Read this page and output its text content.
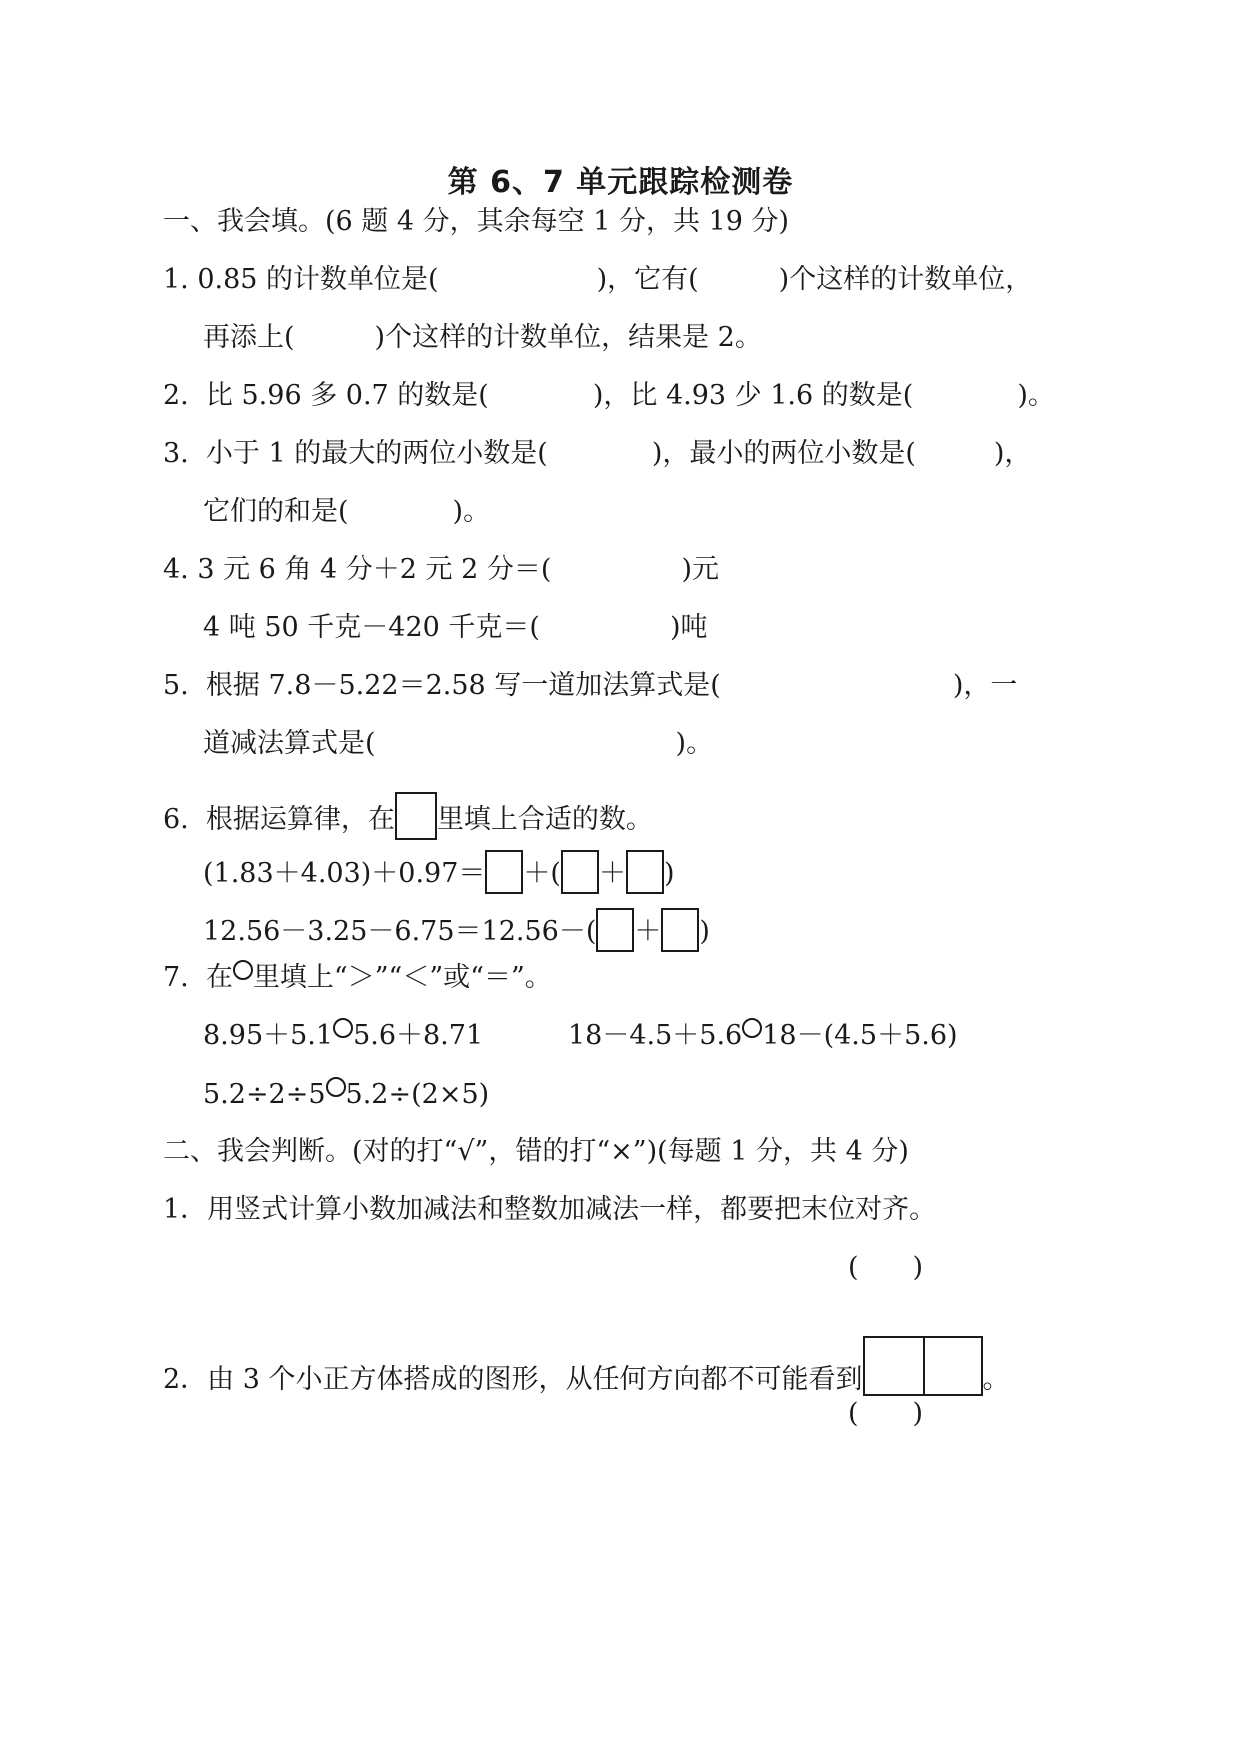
第 6、7 单元跟踪检测卷
一、我会填。(6 题 4 分，其余每空 1 分，共 19 分)
1. 0.85 的计数单位是(	)，它有(	)个这样的计数单位，
再添上(	)个这样的计数单位，结果是 2。
2.  比 5.96 多 0.7 的数是(	)，比 4.93 少 1.6 的数是(	)。
3.  小于 1 的最大的两位小数是(	)，最小的两位小数是(	)，
它们的和是(	)。
4. 3 元 6 角 4 分＋2 元 2 分＝(	)元
4 吨 50 千克－420 千克＝(	)吨
5.  根据 7.8－5.22＝2.58 写一道加法算式是(	)，一
道减法算式是(	)。
6.  根据运算律，在 里填上合适的数。
(1.83＋4.03)＋0.97＝ ＋( ＋ )
12.56－3.25－6.75＝12.56－( ＋ )
7.  在 里填上“＞”“＜”或“＝”。
8.95＋5.1 5.6＋8.71	18－4.5＋5.6 18－(4.5＋5.6)
5.2÷2÷5 5.2÷(2×5)
二、我会判断。(对的打“√”，错的打“×”)(每题 1 分，共 4 分)
1．用竖式计算小数加减法和整数加减法一样，都要把末位对齐。
(　　)
2．由 3 个小正方体搭成的图形，从任何方向都不可能看到	。
(　　)
